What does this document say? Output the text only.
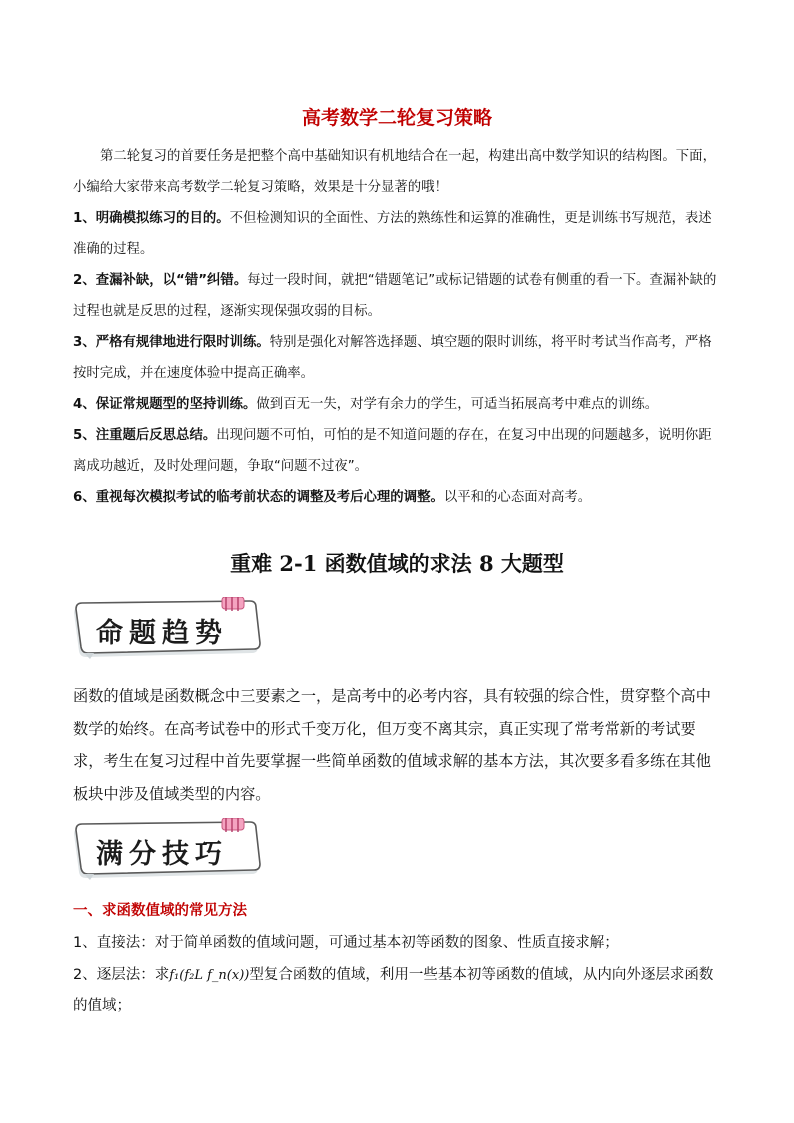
高考数学二轮复习策略

第二轮复习的首要任务是把整个高中基础知识有机地结合在一起，构建出高中数学知识的结构图。下面，小编给大家带来高考数学二轮复习策略，效果是十分显著的哦！

1、明确模拟练习的目的。不但检测知识的全面性、方法的熟练性和运算的准确性，更是训练书写规范，表述准确的过程。

2、查漏补缺，以“错”纠错。每过一段时间，就把“错题笔记”或标记错题的试卷有侧重的看一下。查漏补缺的过程也就是反思的过程，逐渐实现保强攻弱的目标。

3、严格有规律地进行限时训练。特别是强化对解答选择题、填空题的限时训练，将平时考试当作高考，严格按时完成，并在速度体验中提高正确率。

4、保证常规题型的坚持训练。做到百无一失，对学有余力的学生，可适当拓展高考中难点的训练。

5、注重题后反思总结。出现问题不可怕，可怕的是不知道问题的存在，在复习中出现的问题越多，说明你距离成功越近，及时处理问题，争取“问题不过夜”。

6、重视每次模拟考试的临考前状态的调整及考后心理的调整。以平和的心态面对高考。

重难 2-1 函数值域的求法 8 大题型
命题趋势

函数的值域是函数概念中三要素之一，是高考中的必考内容，具有较强的综合性，贯穿整个高中数学的始终。在高考试卷中的形式千变万化，但万变不离其宗，真正实现了常考常新的考试要求，考生在复习过程中首先要掌握一些简单函数的值域求解的基本方法，其次要多看多练在其他板块中涉及值域类型的内容。

满分技巧
一、求函数值域的常见方法

1、直接法：对于简单函数的值域问题，可通过基本初等函数的图象、性质直接求解；

2、逐层法：求f₁(f₂L f_n(x))型复合函数的值域，利用一些基本初等函数的值域，从内向外逐层求函数的值域；
